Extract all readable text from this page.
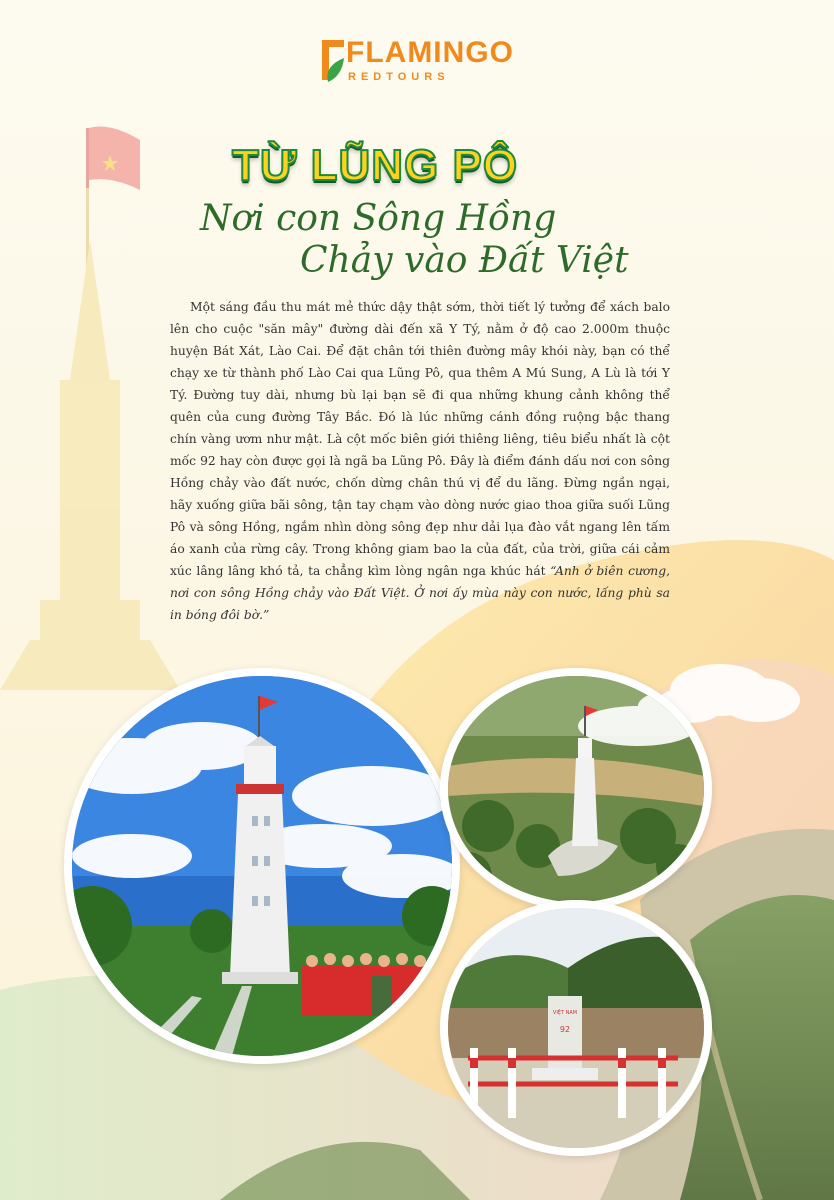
FLAMINGO
REDTOURS
TỪ LŨNG PÔ
Nơi con Sông Hồng
Chảy vào Đất Việt

Một sáng đầu thu mát mẻ thức dậy thật sớm, thời tiết lý tưởng để xách balo lên cho cuộc "săn mây" đường dài đến xã Y Tý, nằm ở độ cao 2.000m thuộc huyện Bát Xát, Lào Cai. Để đặt chân tới thiên đường mây khói này, bạn có thể chạy xe từ thành phố Lào Cai qua Lũng Pô, qua thêm A Mú Sung, A Lù là tới Y Tý. Đường tuy dài, nhưng bù lại bạn sẽ đi qua những khung cảnh không thể quên của cung đường Tây Bắc. Đó là lúc những cánh đồng ruộng bậc thang chín vàng ươm như mật. Là cột mốc biên giới thiêng liêng, tiêu biểu nhất là cột mốc 92 hay còn được gọi là ngã ba Lũng Pô. Đây là điểm đánh dấu nơi con sông Hồng chảy vào đất nước, chốn dừng chân thú vị để du lãng. Đừng ngần ngại, hãy xuống giữa bãi sông, tận tay chạm vào dòng nước giao thoa giữa suối Lũng Pô và sông Hồng, ngắm nhìn dòng sông đẹp như dải lụa đào vắt ngang lên tấm áo xanh của rừng cây. Trong không giam bao la của đất, của trời, giữa cái cảm xúc lâng lâng khó tả, ta chẳng kìm lòng ngân nga khúc hát “Anh ở biên cương, nơi con sông Hồng chảy vào Đất Việt. Ở nơi ấy mùa này con nước, lấng phù sa in bóng đôi bờ.”

VIỆT NAM
92
